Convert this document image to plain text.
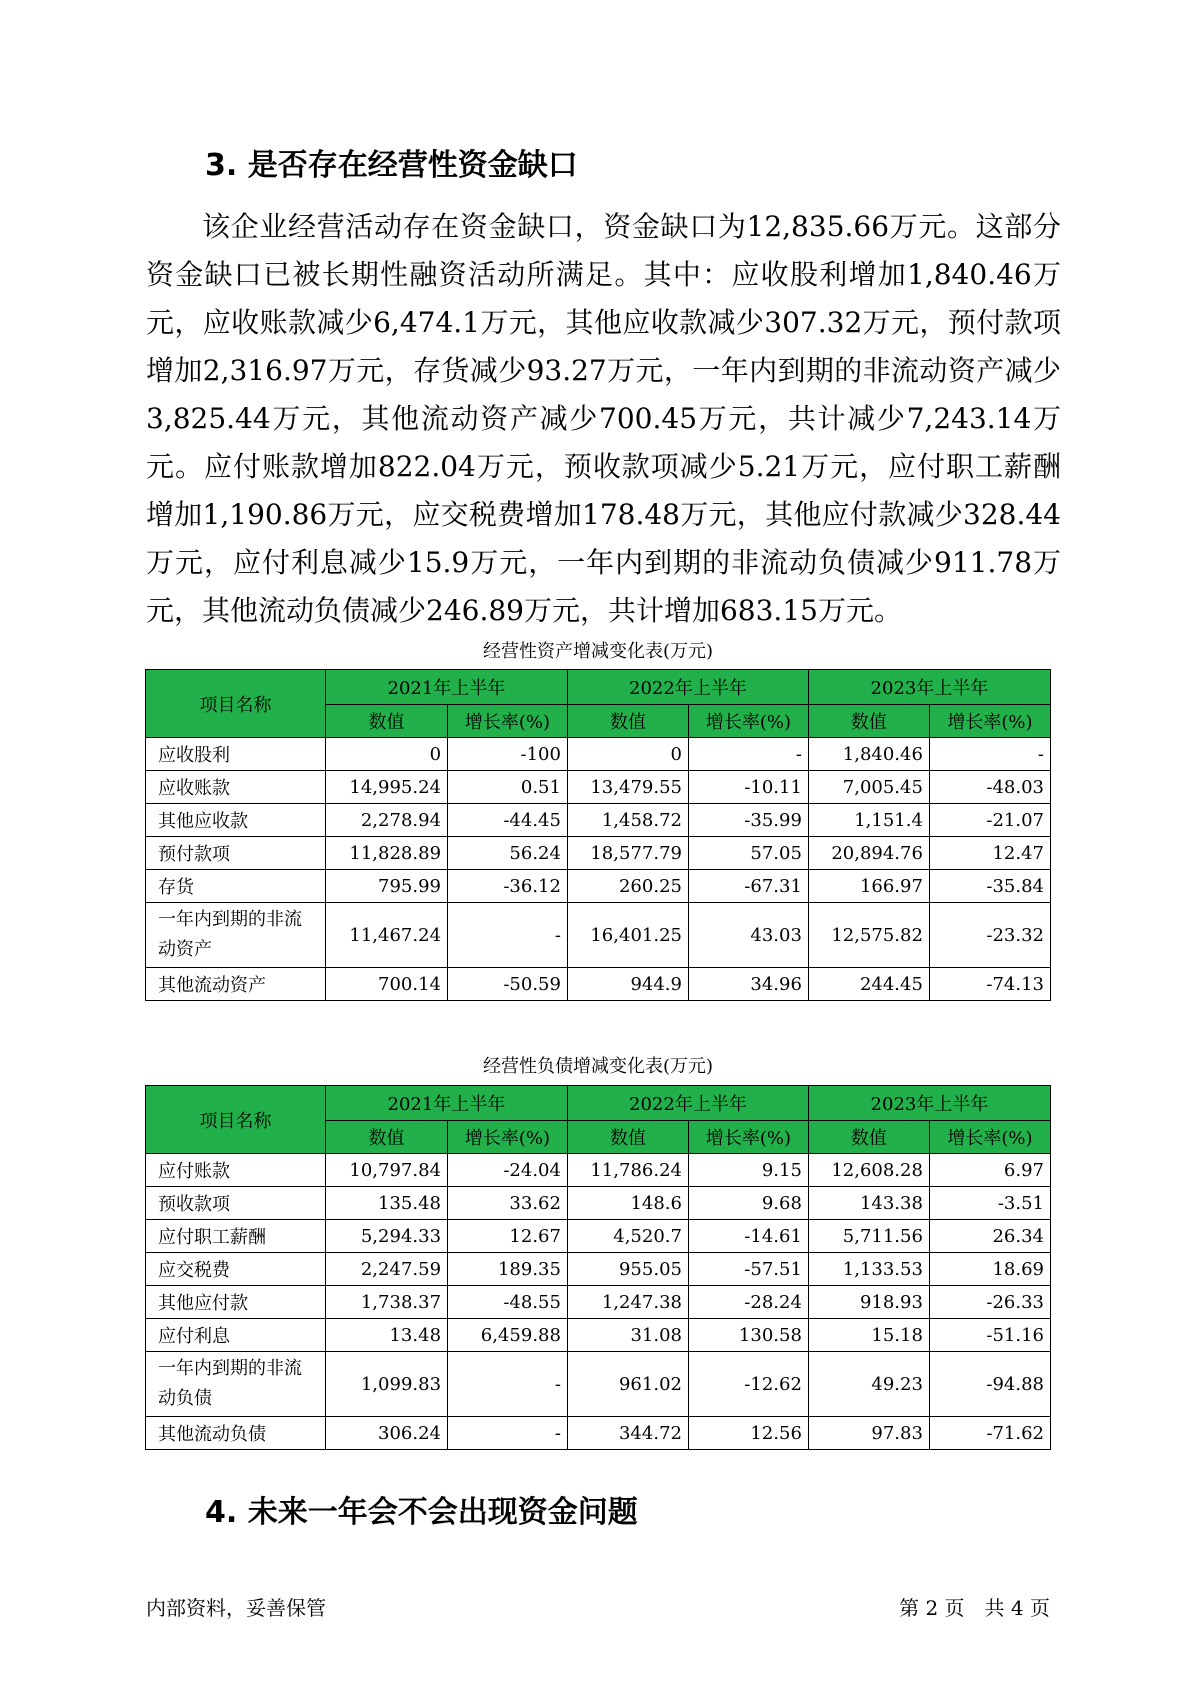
3. 是否存在经营性资金缺口

该企业经营活动存在资金缺口，资金缺口为12,835.66万元。这部分资金缺口已被长期性融资活动所满足。其中：应收股利增加1,840.46万元，应收账款减少6,474.1万元，其他应收款减少307.32万元，预付款项增加2,316.97万元，存货减少93.27万元，一年内到期的非流动资产减少3,825.44万元，其他流动资产减少700.45万元，共计减少7,243.14万元。应付账款增加822.04万元，预收款项减少5.21万元，应付职工薪酬增加1,190.86万元，应交税费增加178.48万元，其他应付款减少328.44万元，应付利息减少15.9万元，一年内到期的非流动负债减少911.78万元，其他流动负债减少246.89万元，共计增加683.15万元。

经营性资产增减变化表(万元)
项目名称	2021年上半年		2022年上半年		2023年上半年	
	数值	增长率(%)	数值	增长率(%)	数值	增长率(%)
应收股利	0	-100	0	-	1,840.46	-
应收账款	14,995.24	0.51	13,479.55	-10.11	7,005.45	-48.03
其他应收款	2,278.94	-44.45	1,458.72	-35.99	1,151.4	-21.07
预付款项	11,828.89	56.24	18,577.79	57.05	20,894.76	12.47
存货	795.99	-36.12	260.25	-67.31	166.97	-35.84
一年内到期的非流动资产	11,467.24	-	16,401.25	43.03	12,575.82	-23.32
其他流动资产	700.14	-50.59	944.9	34.96	244.45	-74.13
经营性负债增减变化表(万元)
项目名称	2021年上半年		2022年上半年		2023年上半年	
	数值	增长率(%)	数值	增长率(%)	数值	增长率(%)
应付账款	10,797.84	-24.04	11,786.24	9.15	12,608.28	6.97
预收款项	135.48	33.62	148.6	9.68	143.38	-3.51
应付职工薪酬	5,294.33	12.67	4,520.7	-14.61	5,711.56	26.34
应交税费	2,247.59	189.35	955.05	-57.51	1,133.53	18.69
其他应付款	1,738.37	-48.55	1,247.38	-28.24	918.93	-26.33
应付利息	13.48	6,459.88	31.08	130.58	15.18	-51.16
一年内到期的非流动负债	1,099.83	-	961.02	-12.62	49.23	-94.88
其他流动负债	306.24	-	344.72	12.56	97.83	-71.62
4. 未来一年会不会出现资金问题
内部资料，妥善保管	第 2 页　共 4 页
